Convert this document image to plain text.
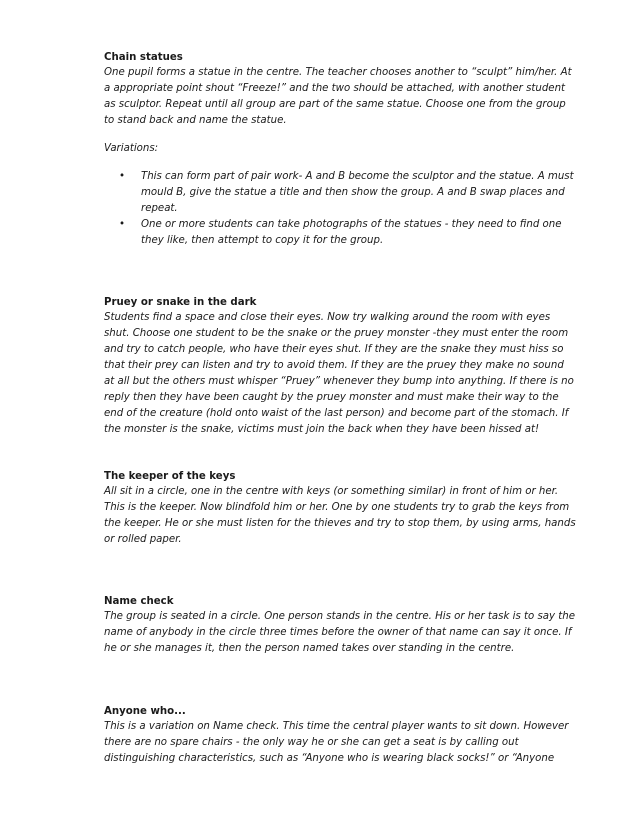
Chain statues

One pupil forms a statue in the centre. The teacher chooses another to “sculpt” him/her. At a appropriate point shout “Freeze!” and the two should be attached, with another student as sculptor. Repeat until all group are part of the same statue. Choose one from the group to stand back and name the statue.

Variations:

• This can form part of pair work- A and B become the sculptor and the statue. A must mould B, give the statue a title and then show the group. A and B swap places and repeat.
• One or more students can take photographs of the statues - they need to find one they like, then attempt to copy it for the group.

Pruey or snake in the dark

Students find a space and close their eyes. Now try walking around the room with eyes shut. Choose one student to be the snake or the pruey monster -they must enter the room and try to catch people, who have their eyes shut. If they are the snake they must hiss so that their prey can listen and try to avoid them. If they are the pruey they make no sound at all but the others must whisper “Pruey” whenever they bump into anything. If there is no reply then they have been caught by the pruey monster and must make their way to the end of the creature (hold onto waist of the last person) and become part of the stomach. If the monster is the snake, victims must join the back when they have been hissed at!

The keeper of the keys

All sit in a circle, one in the centre with keys (or something similar) in front of him or her. This is the keeper. Now blindfold him or her. One by one students try to grab the keys from the keeper. He or she must listen for the thieves and try to stop them, by using arms, hands or rolled paper.

Name check

The group is seated in a circle. One person stands in the centre. His or her task is to say the name of anybody in the circle three times before the owner of that name can say it once. If he or she manages it, then the person named takes over standing in the centre.

Anyone who...

This is a variation on Name check. This time the central player wants to sit down. However there are no spare chairs - the only way he or she can get a seat is by calling out distinguishing characteristics, such as “Anyone who is wearing black socks!” or “Anyone
